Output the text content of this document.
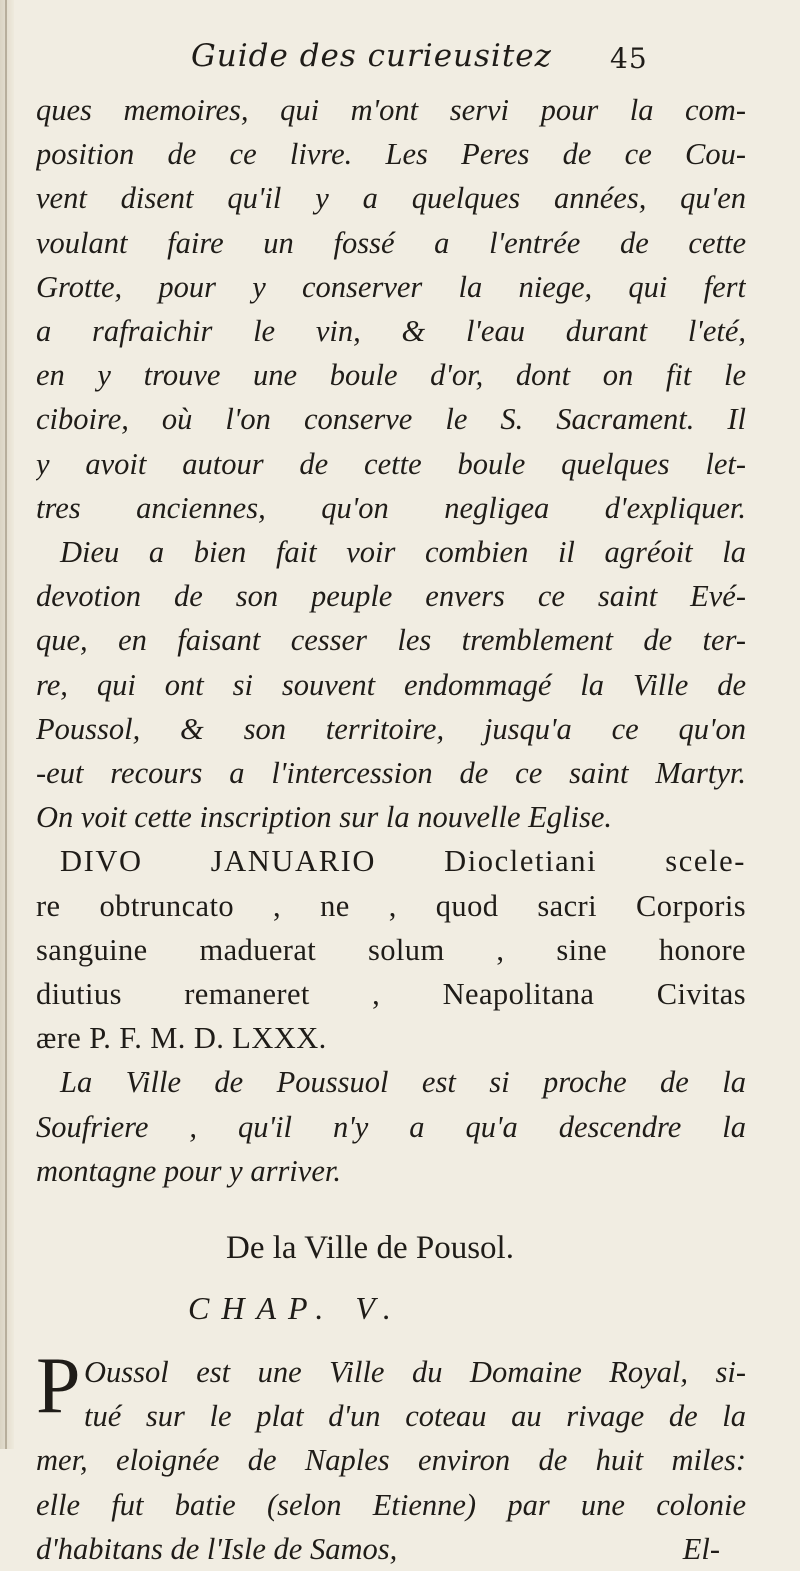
Guide des curieusitez 45
ques memoires, qui m'ont servi pour la com-
position de ce livre. Les Peres de ce Cou-
vent disent qu'il y a quelques années, qu'en
voulant faire un fossé a l'entrée de cette
Grotte, pour y conserver la niege, qui fert
a rafraichir le vin, & l'eau durant l'eté,
en y trouve une boule d'or, dont on fit le
ciboire, où l'on conserve le S. Sacrament. Il
y avoit autour de cette boule quelques let-
tres anciennes, qu'on negligea d'expliquer.
Dieu a bien fait voir combien il agréoit la
devotion de son peuple envers ce saint Evé-
que, en faisant cesser les tremblement de ter-
re, qui ont si souvent endommagé la Ville de
Poussol, & son territoire, jusqu'a ce qu'on
-eut recours a l'intercession de ce saint Martyr.
On voit cette inscription sur la nouvelle Eglise.
DIVO JANUARIO Diocletiani scele-
re obtruncato , ne , quod sacri Corporis
sanguine maduerat solum , sine honore
diutius remaneret , Neapolitana Civitas
ære P. F. M. D. LXXX.
La Ville de Poussuol est si proche de la
Soufriere , qu'il n'y a qu'a descendre la
montagne pour y arriver.
De la Ville de Pousol.
CHAP. V.
P Oussol est une Ville du Domaine Royal, si-
tué sur le plat d'un coteau au rivage de la
mer, eloignée de Naples environ de huit miles:
elle fut batie (selon Etienne) par une colonie
d'habitans de l'Isle de Samos,	El-
